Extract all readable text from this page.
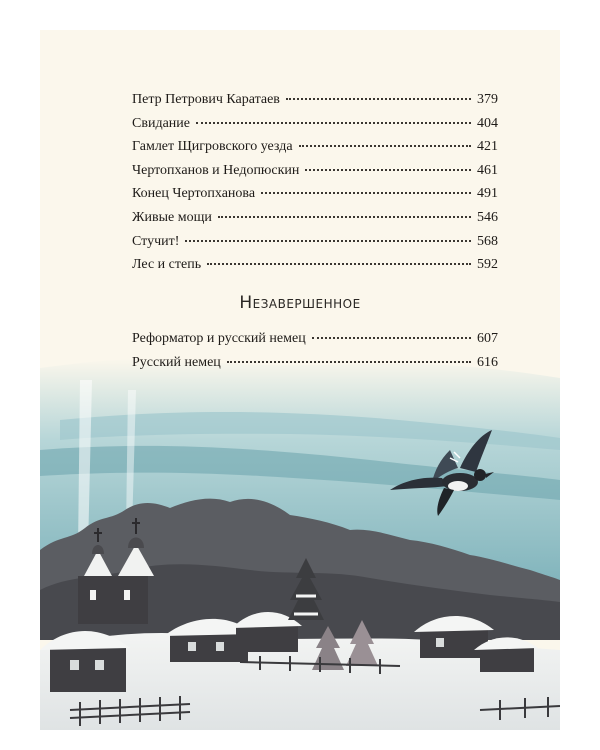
Петр Петрович Каратаев	379
Свидание	404
Гамлет Щигровского уезда	421
Чертопханов и Недопюскин	461
Конец Чертопханова	491
Живые мощи	546
Стучит!	568
Лес и степь	592
Незавершенное
Реформатор и русский немец	607
Русский немец	616
